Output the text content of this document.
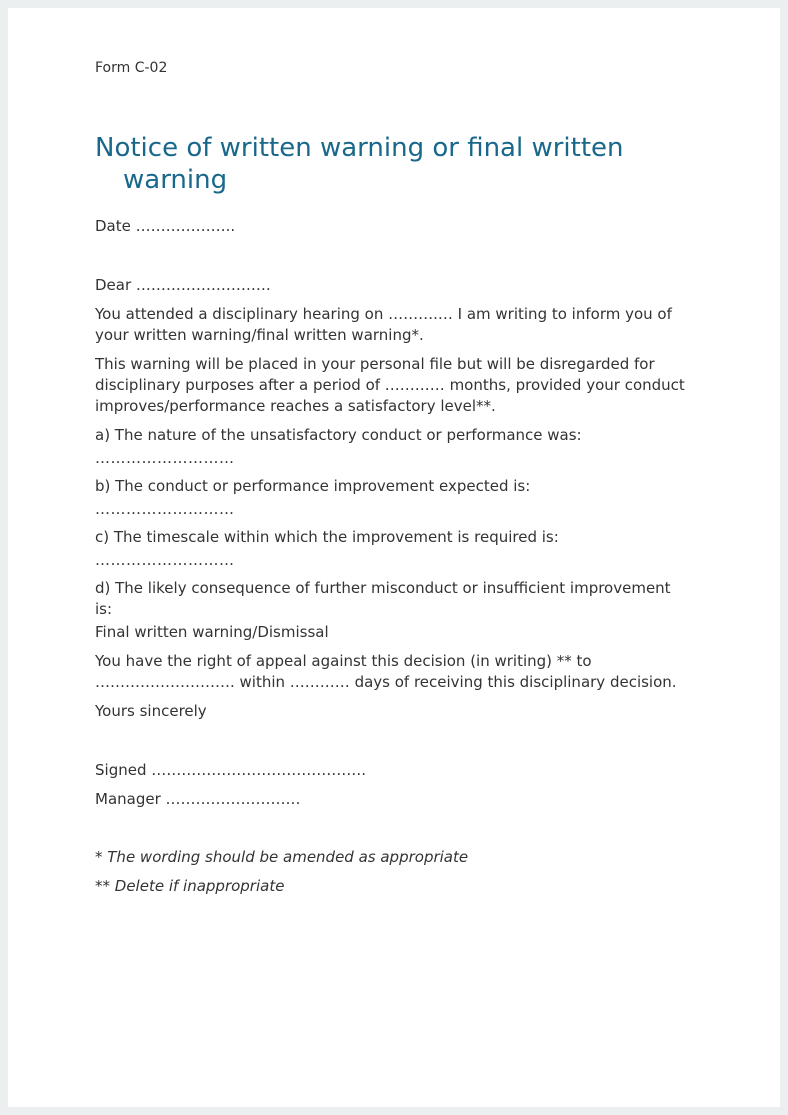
Form C-02
Notice of written warning or final written warning

Date ………………..

Dear ………………………

You attended a disciplinary hearing on ……….… I am writing to inform you of your written warning/final written warning*.

This warning will be placed in your personal file but will be disregarded for disciplinary purposes after a period of ………… months, provided your conduct improves/performance reaches a satisfactory level**.

a) The nature of the unsatisfactory conduct or performance was:

………………………

b) The conduct or performance improvement expected is:

………………………

c) The timescale within which the improvement is required is:

………………………

d) The likely consequence of further misconduct or insufficient improvement is:
Final written warning/Dismissal

You have the right of appeal against this decision (in writing) ** to ………………………. within ………… days of receiving this disciplinary decision.

Yours sincerely

Signed …………………………………….

Manager ………………………

* The wording should be amended as appropriate

** Delete if inappropriate
